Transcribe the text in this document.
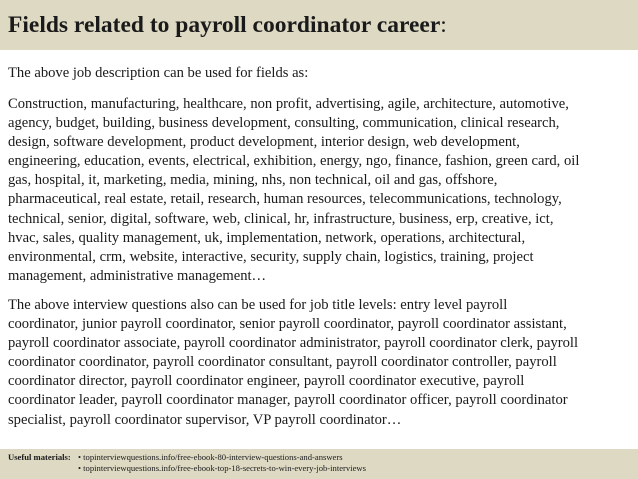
Fields related to payroll coordinator career:

The above job description can be used for fields as:

Construction, manufacturing, healthcare, non profit, advertising, agile, architecture, automotive,
agency, budget, building, business development, consulting, communication, clinical research,
design, software development, product development, interior design, web development,
engineering, education, events, electrical, exhibition, energy, ngo, finance, fashion, green card, oil
gas, hospital, it, marketing, media, mining, nhs, non technical, oil and gas, offshore,
pharmaceutical, real estate, retail, research, human resources, telecommunications, technology,
technical, senior, digital, software, web, clinical, hr, infrastructure, business, erp, creative, ict,
hvac, sales, quality management, uk, implementation, network, operations, architectural,
environmental, crm, website, interactive, security, supply chain, logistics, training, project
management, administrative management…

The above interview questions also can be used for job title levels: entry level payroll
coordinator, junior payroll coordinator, senior payroll coordinator, payroll coordinator assistant,
payroll coordinator associate, payroll coordinator administrator, payroll coordinator clerk, payroll
coordinator coordinator, payroll coordinator consultant, payroll coordinator controller, payroll
coordinator director, payroll coordinator engineer, payroll coordinator executive, payroll
coordinator leader, payroll coordinator manager, payroll coordinator officer, payroll coordinator
specialist, payroll coordinator supervisor, VP payroll coordinator…

Useful materials: • topinterviewquestions.info/free-ebook-80-interview-questions-and-answers
• topinterviewquestions.info/free-ebook-top-18-secrets-to-win-every-job-interviews
